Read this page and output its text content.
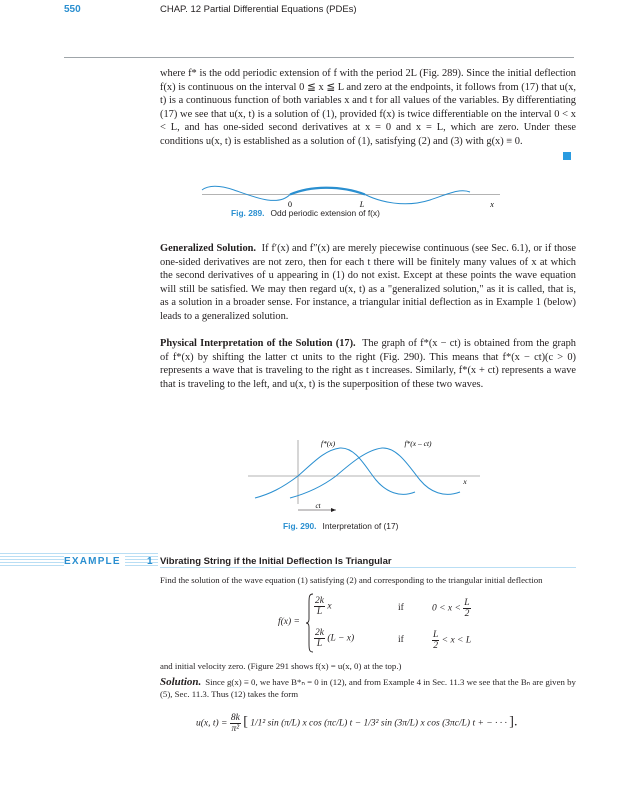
550	CHAP. 12 Partial Differential Equations (PDEs)

where f* is the odd periodic extension of f with the period 2L (Fig. 289). Since the initial deflection f(x) is continuous on the interval 0 ≦ x ≦ L and zero at the endpoints, it follows from (17) that u(x, t) is a continuous function of both variables x and t for all values of the variables. By differentiating (17) we see that u(x, t) is a solution of (1), provided f(x) is twice differentiable on the interval 0 < x < L, and has one-sided second derivatives at x = 0 and x = L, which are zero. Under these conditions u(x, t) is established as a solution of (1), satisfying (2) and (3) with g(x) ≡ 0.

0	L	x
Fig. 289. Odd periodic extension of f(x)

Generalized Solution. If f′(x) and f″(x) are merely piecewise continuous (see Sec. 6.1), or if those one-sided derivatives are not zero, then for each t there will be finitely many values of x at which the second derivatives of u appearing in (1) do not exist. Except at these points the wave equation will still be satisfied. We may then regard u(x, t) as a "generalized solution," as it is called, that is, as a solution in a broader sense. For instance, a triangular initial deflection as in Example 1 (below) leads to a generalized solution.

Physical Interpretation of the Solution (17). The graph of f*(x − ct) is obtained from the graph of f*(x) by shifting the latter ct units to the right (Fig. 290). This means that f*(x − ct)(c > 0) represents a wave that is traveling to the right as t increases. Similarly, f*(x + ct) represents a wave that is traveling to the left, and u(x, t) is the superposition of these two waves.

ct
f*(x)	f*(x – ct)
x
Fig. 290. Interpretation of (17)
EXAMPLE	1 Vibrating String if the Initial Deflection Is Triangular
Find the solution of the wave equation (1) satisfying (2) and corresponding to the triangular initial deflection
f(x) =
$\frac{2k}{L}$ x	if	$0 < x < \frac{L}{2}$
$\frac{2k}{L} (L - x)$	if	$\frac{L}{2} < x < L$
and initial velocity zero. (Figure 291 shows f(x) = u(x, 0) at the top.)
Solution. Since g(x) ≡ 0, we have B*ₙ = 0 in (12), and from Example 4 in Sec. 11.3 we see that the Bₙ are given by (5), Sec. 11.3. Thus (12) takes the form
u(x, $t) = \frac{8k}{\text{π²}}$ [ 1/1² sin (π/L) x cos (πc/L) t − 1/3² sin (3π/L) x cos (3πc/L) t + − · · · ].
